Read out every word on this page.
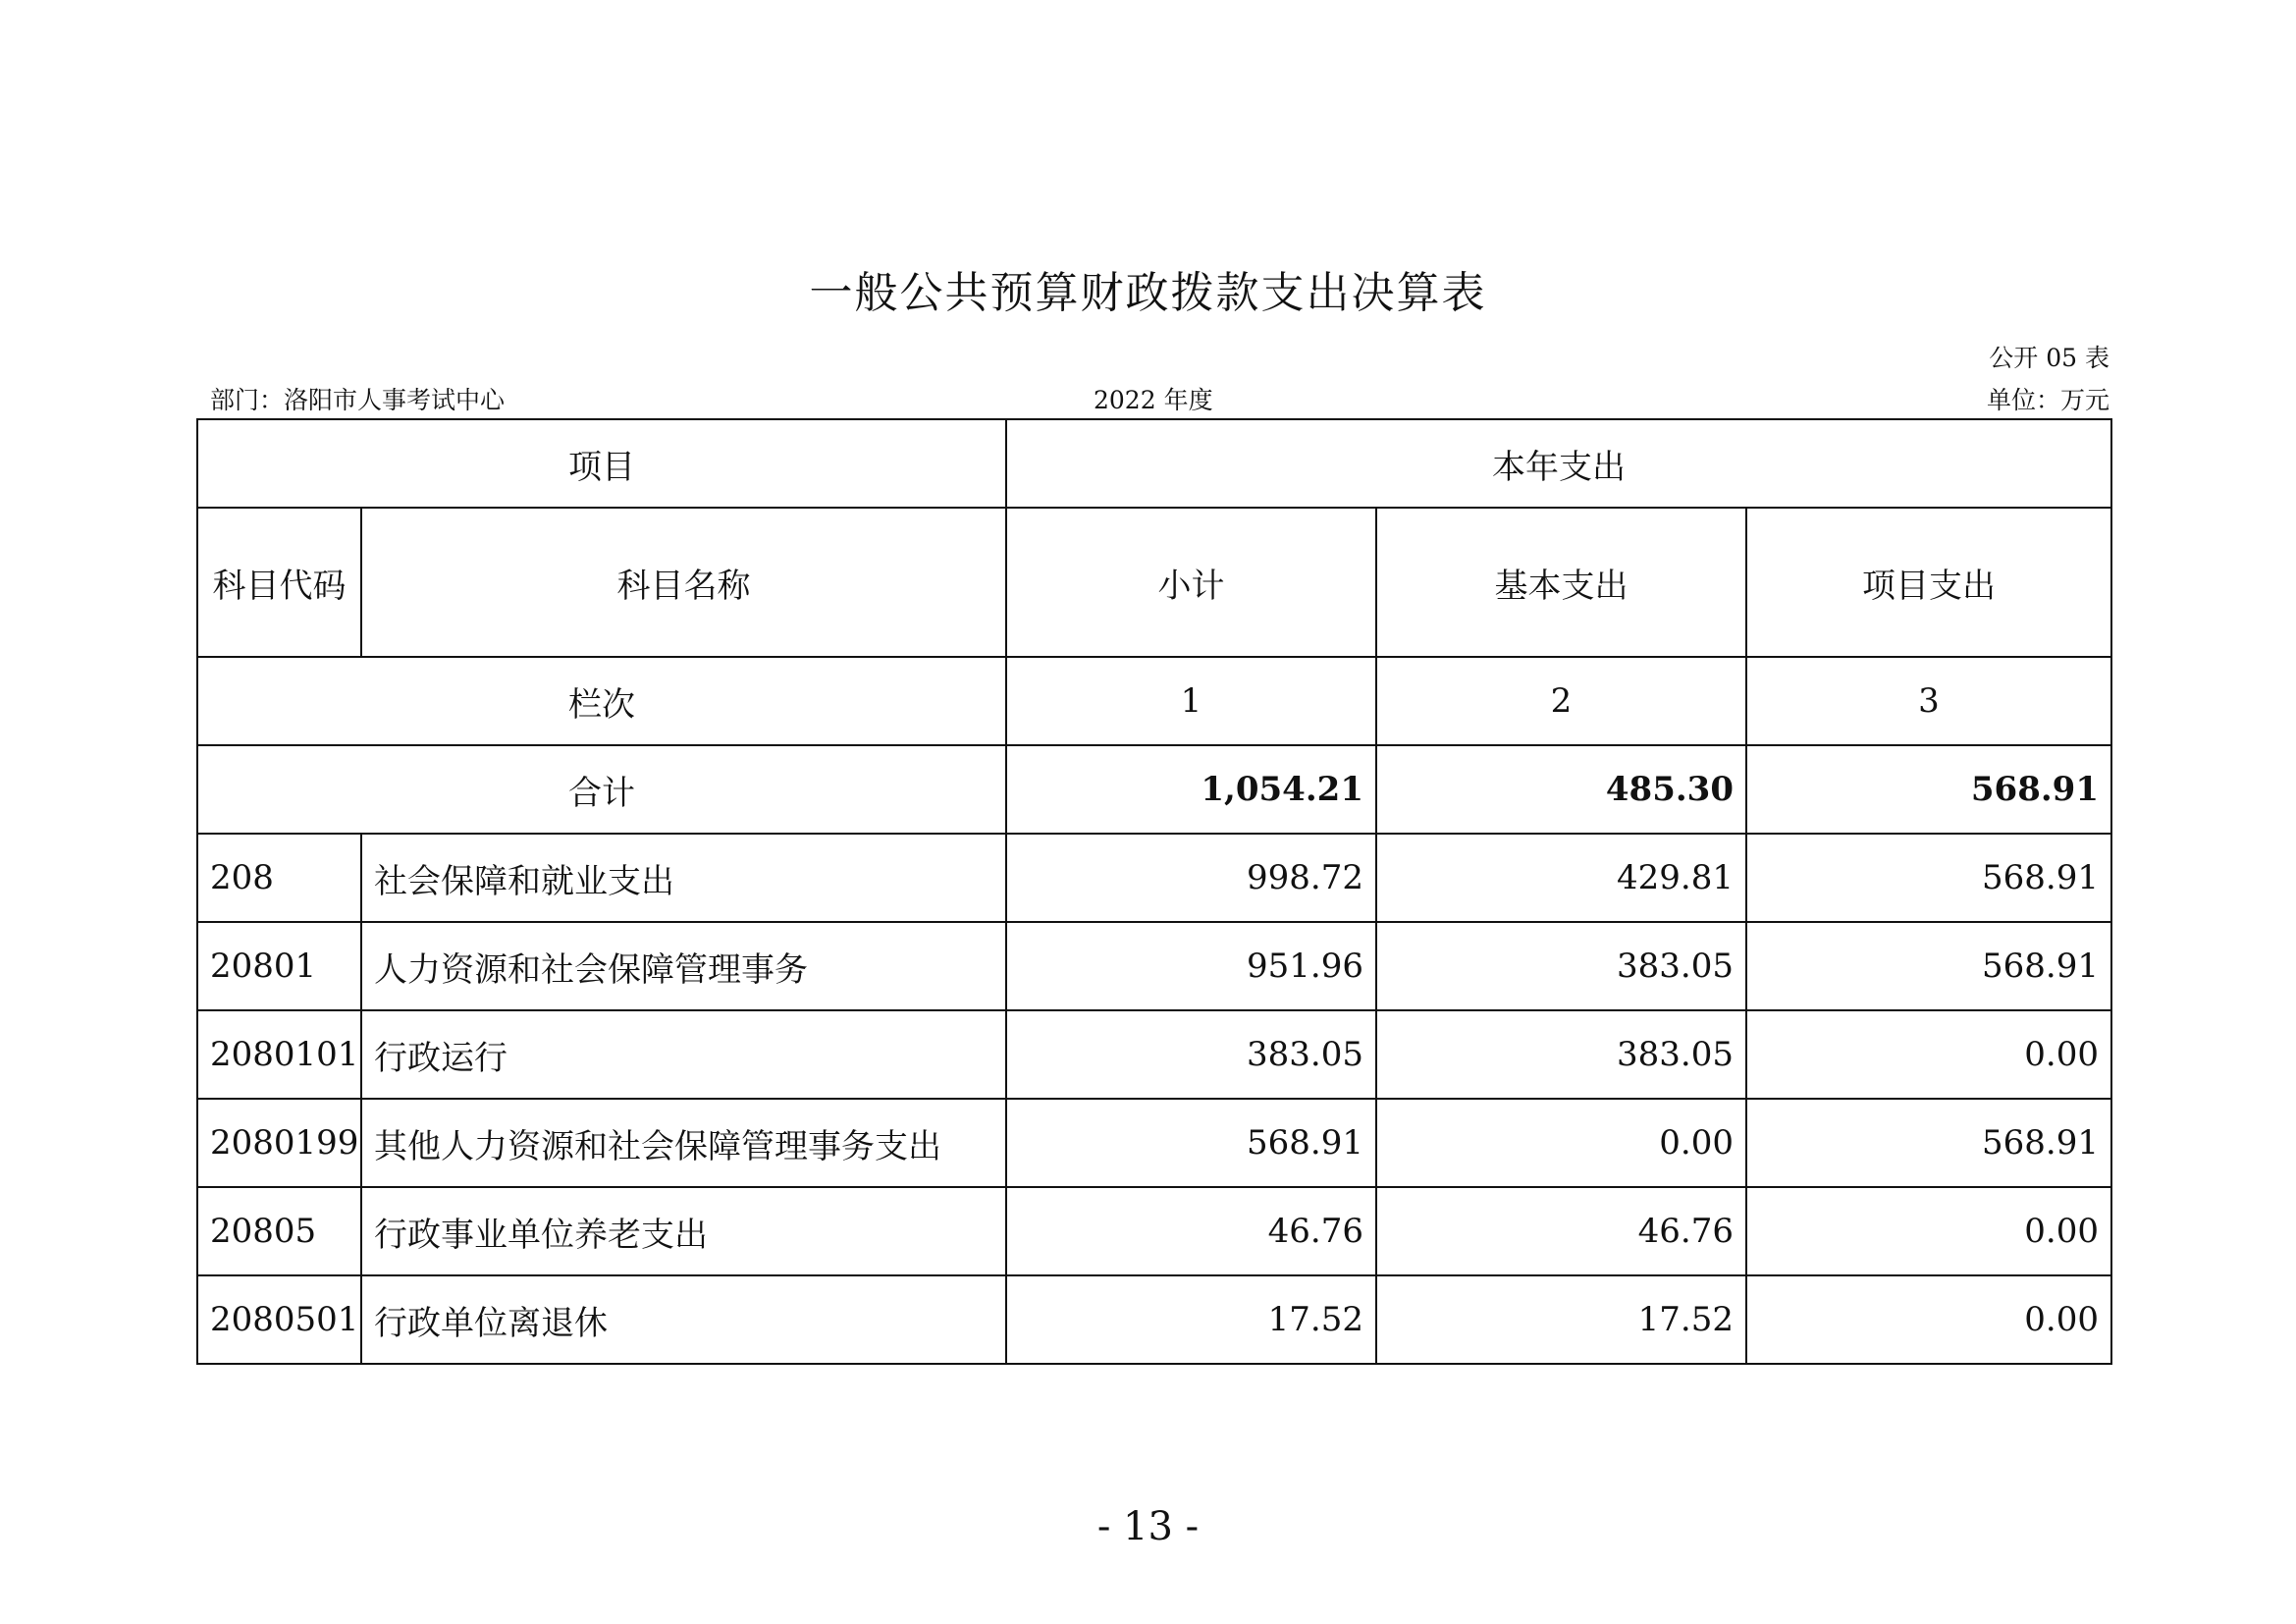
一般公共预算财政拨款支出决算表
公开 05 表
部门：洛阳市人事考试中心	2022 年度	单位：万元
项目		本年支出		
科目代码	科目名称	小计	基本支出	项目支出
栏次		1	2	3
合计		1,054.21	485.30	568.91
208	社会保障和就业支出	998.72	429.81	568.91
20801	人力资源和社会保障管理事务	951.96	383.05	568.91
2080101	行政运行	383.05	383.05	0.00
2080199	其他人力资源和社会保障管理事务支出	568.91	0.00	568.91
20805	行政事业单位养老支出	46.76	46.76	0.00
2080501	行政单位离退休	17.52	17.52	0.00
- 13 -
